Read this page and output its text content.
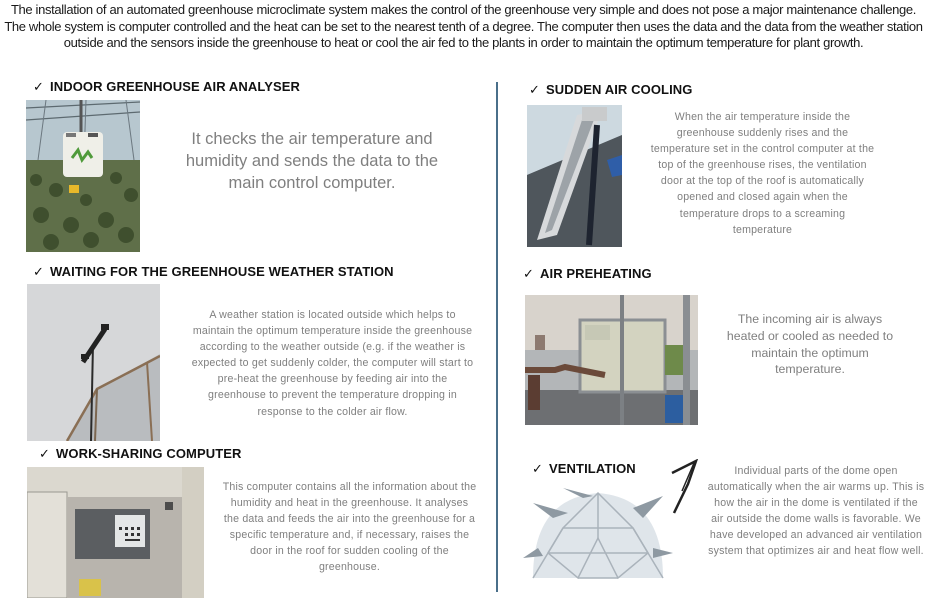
The installation of an automated greenhouse microclimate system makes the control of the greenhouse very simple and does not pose a major maintenance challenge. The whole system is computer controlled and the heat can be set to the nearest tenth of a degree. The computer then uses the data and the data from the weather station outside and the sensors inside the greenhouse to heat or cool the air fed to the plants in order to maintain the optimum temperature for plant growth.
✓ INDOOR GREENHOUSE AIR ANALYSER
It checks the air temperature and humidity and sends the data to the main control computer.
✓ SUDDEN AIR COOLING
When the air temperature inside the greenhouse suddenly rises and the temperature set in the control computer at the top of the greenhouse rises, the ventilation door at the top of the roof is automatically opened and closed again when the temperature drops to a screaming temperature
✓ WAITING FOR THE GREENHOUSE WEATHER STATION
A weather station is located outside which helps to maintain the optimum temperature inside the greenhouse according to the weather outside (e.g. if the weather is expected to get suddenly colder, the computer will start to pre-heat the greenhouse by feeding air into the greenhouse to prevent the temperature dropping in response to the colder air flow.
✓ AIR PREHEATING
The incoming air is always heated or cooled as needed to maintain the optimum temperature.
✓ WORK-SHARING COMPUTER
This computer contains all the information about the humidity and heat in the greenhouse. It analyses the data and feeds the air into the greenhouse for a specific temperature and, if necessary, raises the door in the roof for sudden cooling of the greenhouse.
✓ VENTILATION	Individual parts of the dome open automatically when the air warms up. This is how the air in the dome is ventilated if the air outside the dome walls is favorable. We have developed an advanced air ventilation system that optimizes air and heat flow well.
